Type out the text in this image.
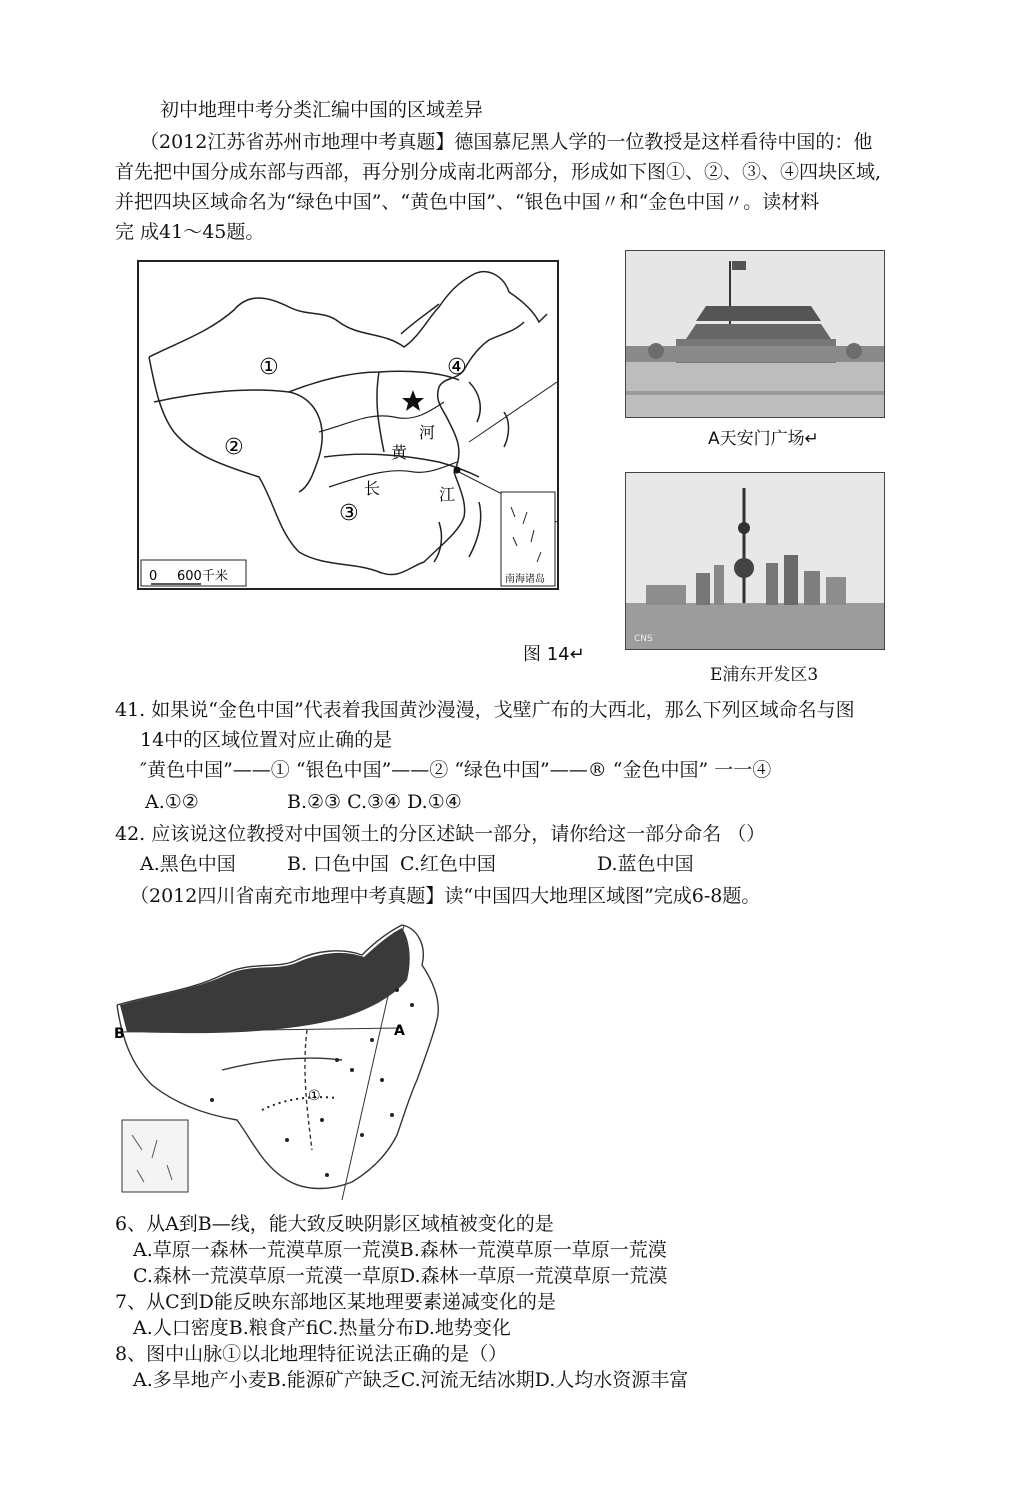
初中地理中考分类汇编中国的区域差异
（2012江苏省苏州市地理中考真题】德国慕尼黑人学的一位教授是这样看待中国的：他
首先把中国分成东部与西部，再分别分成南北两部分，形成如下图①、②、③、④四块区域,
并把四块区域命名为“绿色中国”、“黄色中国”、“银色中国〃和“金色中国〃。读材料
完 成41〜45题。
①
②
③
④
黄
河
长	江
0 600千米	南海诸岛
A天安门广场↵
CNS
图 14↵
E浦东开发区3
41. 如果说“金色中国”代表着我国黄沙漫漫，戈壁广布的大西北，那么下列区域命名与图
14中的区域位置对应止确的是
″黄色中国”——① “银色中国”——② “绿色中国”——® “金色中国” 一一④
A.①②	B.②③ C.③④ D.①④
42. 应该说这位教授对中国领土的分区述缺一部分，请你给这一部分命名 （）
A.黑色中国	B. 口色中国 C.红色中国	D.蓝色中国
（2012四川省南充市地理中考真题】读“中国四大地理区域图”完成6-8题。
A
B
①
6、从A到B—线，能大致反映阴影区域植被变化的是
A.草原一森林一荒漠草原一荒漠B.森林一荒漠草原一草原一荒漠
C.森林一荒漠草原一荒漠一草原D.森林一草原一荒漠草原一荒漠
7、从C到D能反映东部地区某地理要素递减变化的是
A.人口密度B.粮食产fiC.热量分布D.地势变化
8、图中山脉①以北地理特征说法正确的是（）
A.多旱地产小麦B.能源矿产缺乏C.河流无结冰期D.人均水资源丰富
